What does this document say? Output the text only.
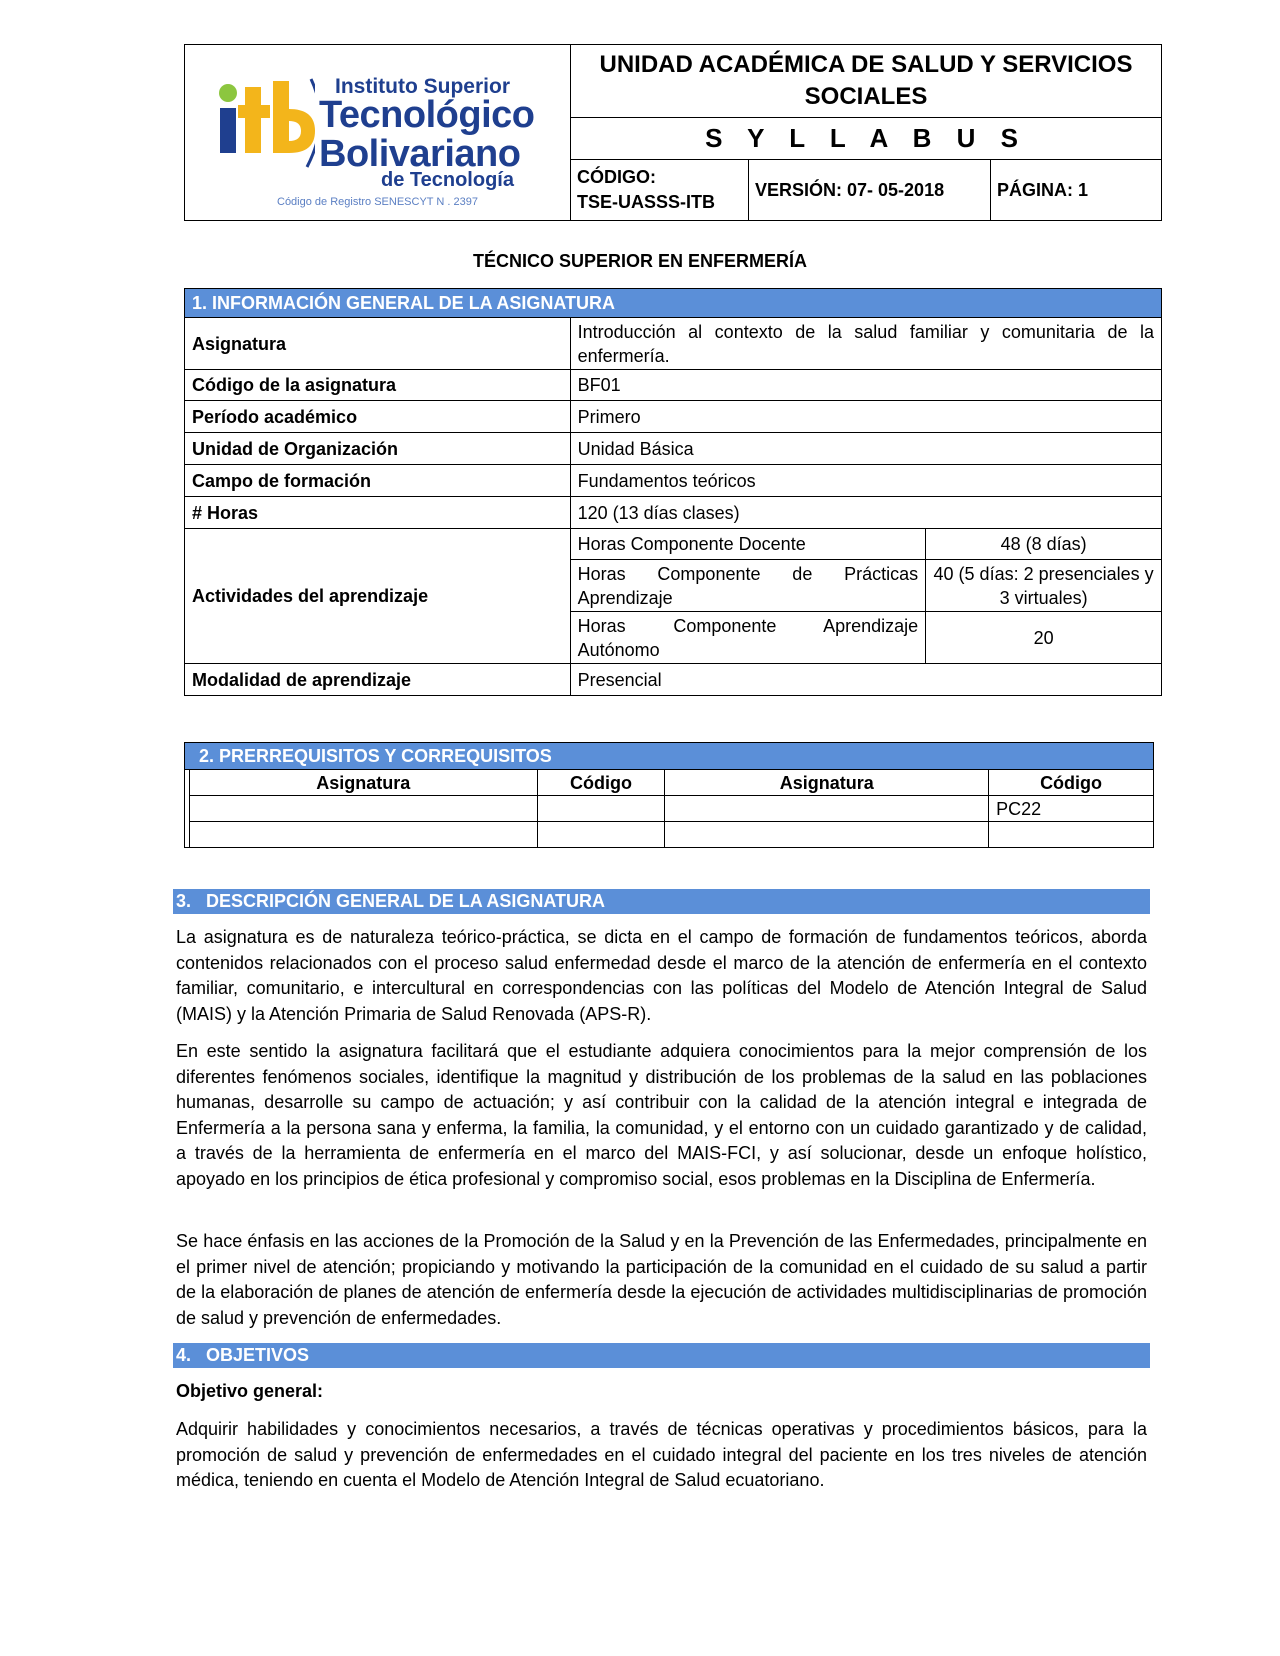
Instituto Superior
Tecnológico
Bolivariano
de Tecnología
Código de Registro SENESCYT N . 2397
UNIDAD ACADÉMICA DE SALUD Y SERVICIOS SOCIALES
S Y L L A B U S
CÓDIGO:
TSE-UASSS-ITB
VERSIÓN: 07- 05-2018	PÁGINA: 1
TÉCNICO SUPERIOR EN ENFERMERÍA
1. INFORMACIÓN GENERAL DE LA ASIGNATURA		
Asignatura	Introducción al contexto de la salud familiar y comunitaria de la enfermería.	
Código de la asignatura	BF01	
Período académico	Primero	
Unidad de Organización	Unidad Básica	
Campo de formación	Fundamentos teóricos	
# Horas	120 (13 días clases)	
Actividades del aprendizaje	Horas Componente Docente	48 (8 días)
	Horas Componente de Prácticas Aprendizaje	40 (5 días: 2 presenciales y 3 virtuales)
	Horas Componente Aprendizaje Autónomo	20
Modalidad de aprendizaje	Presencial	
2. PRERREQUISITOS Y CORREQUISITOS				
	Asignatura	Código	Asignatura	Código
				PC22

3. DESCRIPCIÓN GENERAL DE LA ASIGNATURA
La asignatura es de naturaleza teórico-práctica, se dicta en el campo de formación de fundamentos teóricos, aborda contenidos relacionados con el proceso salud enfermedad desde el marco de la atención de enfermería en el contexto familiar, comunitario, e intercultural en correspondencias con las políticas del Modelo de Atención Integral de Salud (MAIS) y la Atención Primaria de Salud Renovada (APS-R).
En este sentido la asignatura facilitará que el estudiante adquiera conocimientos para la mejor comprensión de los diferentes fenómenos sociales, identifique la magnitud y distribución de los problemas de la salud en las poblaciones humanas, desarrolle su campo de actuación; y así contribuir con la calidad de la atención integral e integrada de Enfermería a la persona sana y enferma, la familia, la comunidad, y el entorno con un cuidado garantizado y de calidad, a través de la herramienta de enfermería en el marco del MAIS-FCI, y así solucionar, desde un enfoque holístico, apoyado en los principios de ética profesional y compromiso social, esos problemas en la Disciplina de Enfermería.
Se hace énfasis en las acciones de la Promoción de la Salud y en la Prevención de las Enfermedades, principalmente en el primer nivel de atención; propiciando y motivando la participación de la comunidad en el cuidado de su salud a partir de la elaboración de planes de atención de enfermería desde la ejecución de actividades multidisciplinarias de promoción de salud y prevención de enfermedades.
4. OBJETIVOS
Objetivo general:
Adquirir habilidades y conocimientos necesarios, a través de técnicas operativas y procedimientos básicos, para la promoción de salud y prevención de enfermedades en el cuidado integral del paciente en los tres niveles de atención médica, teniendo en cuenta el Modelo de Atención Integral de Salud ecuatoriano.
